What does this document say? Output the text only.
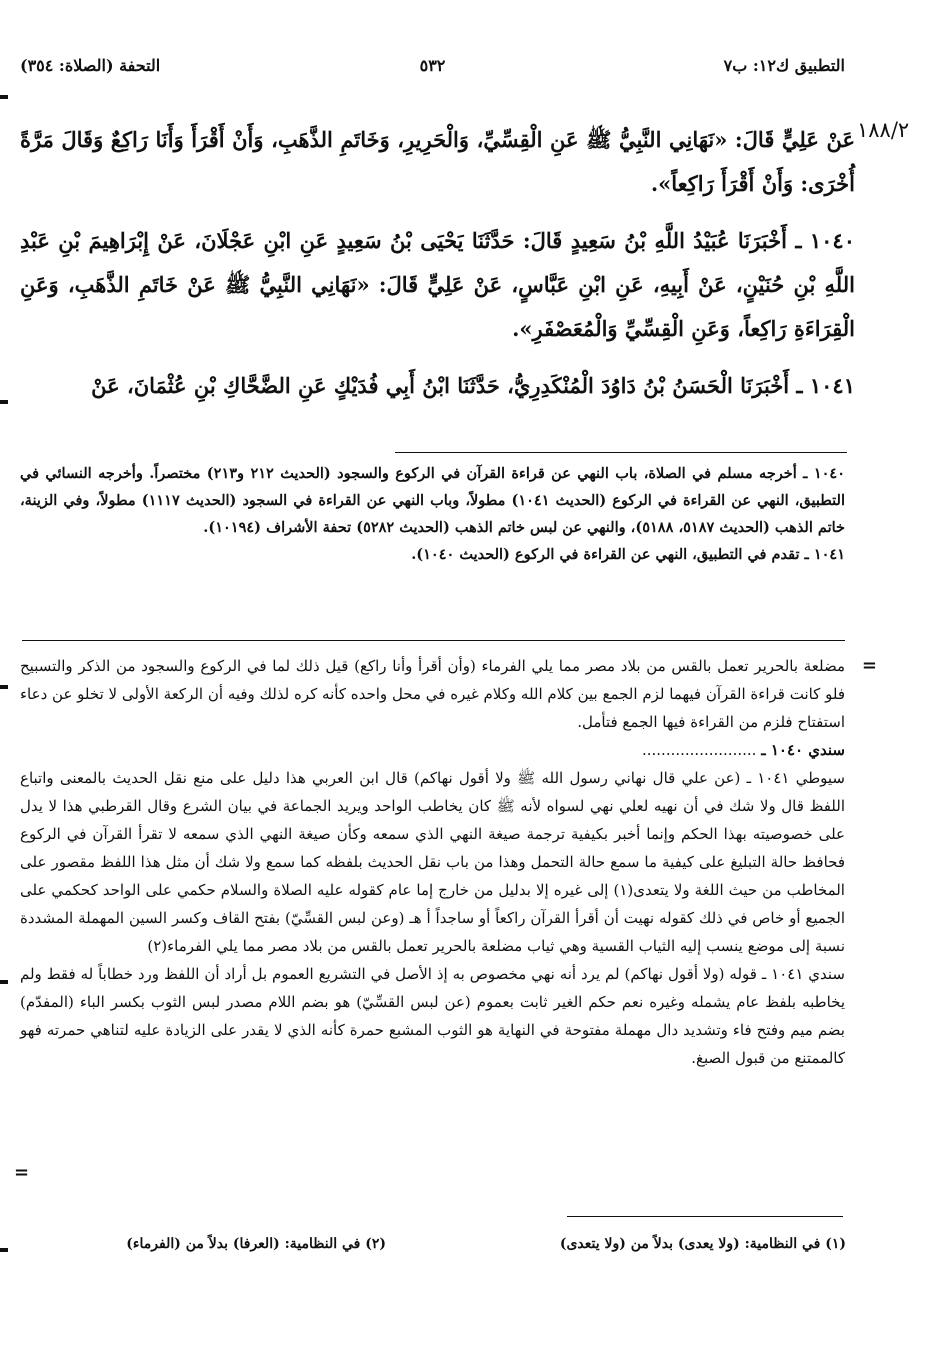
التطبيق ك١٢: ب٧
٥٣٢
التحفة (الصلاة: ٣٥٤)
١٨٨/٢

عَنْ عَلِيٍّ قَالَ: «نَهَانِي النَّبِيُّ ﷺ عَنِ الْقِسِّيِّ، وَالْحَرِيرِ، وَخَاتَمِ الذَّهَبِ، وَأَنْ أَقْرَأَ وَأَنَا رَاكِعٌ وَقَالَ مَرَّةً أُخْرَى: وَأَنْ أَقْرَأَ رَاكِعاً».

١٠٤٠ ـ أَخْبَرَنَا عُبَيْدُ اللَّهِ بْنُ سَعِيدٍ قَالَ: حَدَّثَنَا يَحْيَى بْنُ سَعِيدٍ عَنِ ابْنِ عَجْلَانَ، عَنْ إِبْرَاهِيمَ بْنِ عَبْدِ اللَّهِ بْنِ حُنَيْنٍ، عَنْ أَبِيهِ، عَنِ ابْنِ عَبَّاسٍ، عَنْ عَلِيٍّ قَالَ: «نَهَانِي النَّبِيُّ ﷺ عَنْ خَاتَمِ الذَّهَبِ، وَعَنِ الْقِرَاءَةِ رَاكِعاً، وَعَنِ الْقِسِّيِّ وَالْمُعَصْفَرِ».

١٠٤١ ـ أَخْبَرَنَا الْحَسَنُ بْنُ دَاوُدَ الْمُنْكَدِرِيُّ، حَدَّثَنَا ابْنُ أَبِي فُدَيْكٍ عَنِ الضَّحَّاكِ بْنِ عُثْمَانَ، عَنْ

١٠٤٠ ـ أخرجه مسلم في الصلاة، باب النهي عن قراءة القرآن في الركوع والسجود (الحديث ٢١٢ و٢١٣) مختصراً. وأخرجه النسائي في التطبيق، النهي عن القراءة في الركوع (الحديث ١٠٤١) مطولاً، وباب النهي عن القراءة في السجود (الحديث ١١١٧) مطولاً، وفي الزينة، خاتم الذهب (الحديث ٥١٨٧، ٥١٨٨)، والنهي عن لبس خاتم الذهب (الحديث ٥٢٨٢) تحفة الأشراف (١٠١٩٤).

١٠٤١ ـ تقدم في التطبيق، النهي عن القراءة في الركوع (الحديث ١٠٤٠).

=

مضلعة بالحرير تعمل بالقس من بلاد مصر مما يلي الفرماء (وأن أقرأ وأنا راكع) قيل ذلك لما في الركوع والسجود من الذكر والتسبيح فلو كانت قراءة القرآن فيهما لزم الجمع بين كلام الله وكلام غيره في محل واحده كأنه كره لذلك وفيه أن الركعة الأولى لا تخلو عن دعاء استفتاح فلزم من القراءة فيها الجمع فتأمل.

سندي ١٠٤٠ ـ ........................

سيوطي ١٠٤١ ـ (عن علي قال نهاني رسول الله ﷺ ولا أقول نهاكم) قال ابن العربي هذا دليل على منع نقل الحديث بالمعنى واتباع اللفظ قال ولا شك في أن نهيه لعلي نهي لسواه لأنه ﷺ كان يخاطب الواحد ويريد الجماعة في بيان الشرع وقال القرطبي هذا لا يدل على خصوصيته بهذا الحكم وإنما أخبر بكيفية ترجمة صيغة النهي الذي سمعه وكأن صيغة النهي الذي سمعه لا تقرأ القرآن في الركوع فحافظ حالة التبليغ على كيفية ما سمع حالة التحمل وهذا من باب نقل الحديث بلفظه كما سمع ولا شك أن مثل هذا اللفظ مقصور على المخاطب من حيث اللغة ولا يتعدى(١) إلى غيره إلا بدليل من خارج إما عام كقوله عليه الصلاة والسلام حكمي على الواحد كحكمي على الجميع أو خاص في ذلك كقوله نهيت أن أقرأ القرآن راكعاً أو ساجداً أ هـ (وعن لبس القسِّيّ) بفتح القاف وكسر السين المهملة المشددة نسبة إلى موضع ينسب إليه الثياب القسية وهي ثياب مضلعة بالحرير تعمل بالقس من بلاد مصر مما يلي الفرماء(٢)

سندي ١٠٤١ ـ قوله (ولا أقول نهاكم) لم يرد أنه نهي مخصوص به إذ الأصل في التشريع العموم بل أراد أن اللفظ ورد خطاباً له فقط ولم يخاطبه بلفظ عام يشمله وغيره نعم حكم الغير ثابت بعموم (عن لبس القسِّيّ) هو بضم اللام مصدر لبس الثوب بكسر الباء (المفدّم) بضم ميم وفتح فاء وتشديد دال مهملة مفتوحة في النهاية هو الثوب المشبع حمرة كأنه الذي لا يقدر على الزيادة عليه لتناهي حمرته فهو كالممتنع من قبول الصبغ.

=
(١) في النظامية: (ولا يعدى) بدلاً من (ولا يتعدى)
(٢) في النظامية: (العرفا) بدلاً من (الفرماء)
